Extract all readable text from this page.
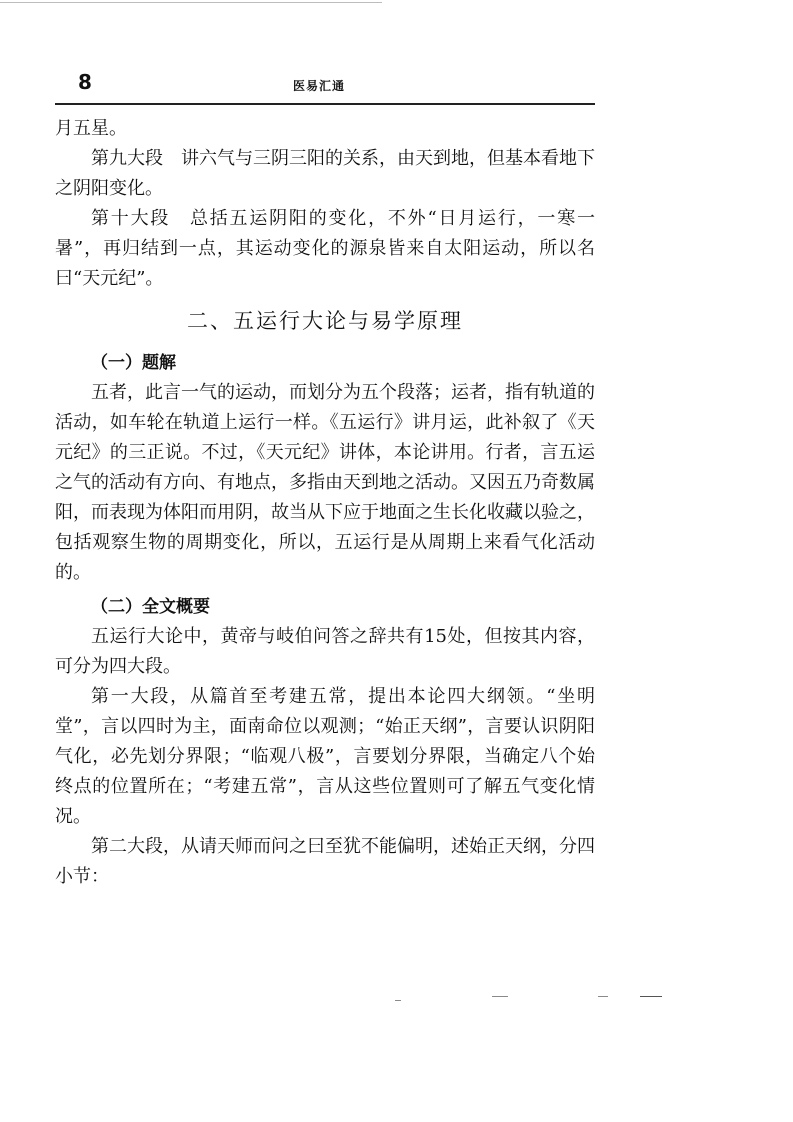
8	医易汇通

月五星。

第九大段　讲六气与三阴三阳的关系，由天到地，但基本看地下之阴阳变化。

第十大段　总括五运阴阳的变化，不外“日月运行，一寒一暑”，再归结到一点，其运动变化的源泉皆来自太阳运动，所以名曰“天元纪”。

二、五运行大论与易学原理
（一）题解

五者，此言一气的运动，而划分为五个段落；运者，指有轨道的活动，如车轮在轨道上运行一样。《五运行》讲月运，此补叙了《天元纪》的三正说。不过，《天元纪》讲体，本论讲用。行者，言五运之气的活动有方向、有地点，多指由天到地之活动。又因五乃奇数属阳，而表现为体阳而用阴，故当从下应于地面之生长化收藏以验之，包括观察生物的周期变化，所以，五运行是从周期上来看气化活动的。

（二）全文概要

五运行大论中，黄帝与岐伯问答之辞共有15处，但按其内容，可分为四大段。

第一大段，从篇首至考建五常，提出本论四大纲领。“坐明堂”，言以四时为主，面南命位以观测；“始正天纲”，言要认识阴阳气化，必先划分界限；“临观八极”，言要划分界限，当确定八个始终点的位置所在；“考建五常”，言从这些位置则可了解五气变化情况。

第二大段，从请天师而问之曰至犹不能偏明，述始正天纲，分四小节：
